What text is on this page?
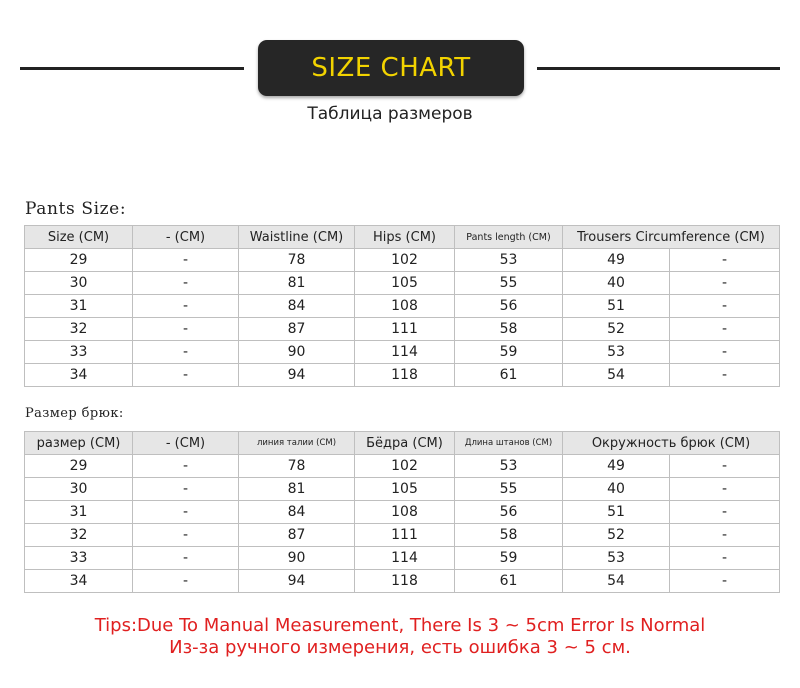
SIZE CHART
Таблица размеров
Pants Size:
Size (CM)	- (CM)	Waistline (CM)	Hips (CM)	Pants length (CM)	Trousers Circumference (CM)	
29	-	78	102	53	49	-
30	-	81	105	55	40	-
31	-	84	108	56	51	-
32	-	87	111	58	52	-
33	-	90	114	59	53	-
34	-	94	118	61	54	-
Размер брюк:
размер (CM)	- (CM)	линия талии (CM)	Бёдра (CM)	Длина штанов (CM)	Окружность брюк (CM)	
29	-	78	102	53	49	-
30	-	81	105	55	40	-
31	-	84	108	56	51	-
32	-	87	111	58	52	-
33	-	90	114	59	53	-
34	-	94	118	61	54	-
Tips:Due To Manual Measurement, There Is 3 ~ 5cm Error Is Normal
Из-за ручного измерения, есть ошибка 3 ~ 5 см.
